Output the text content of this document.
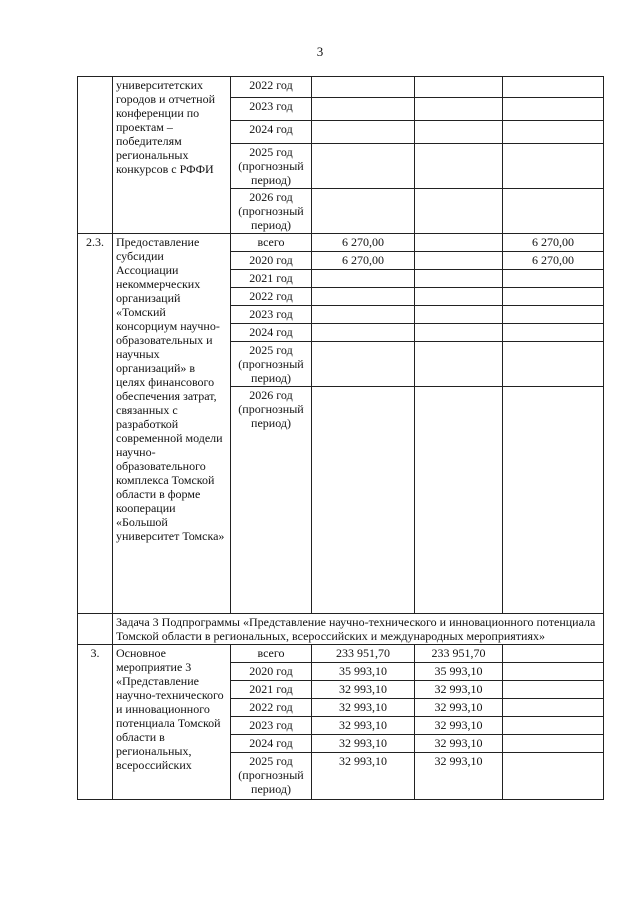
3
	университетских городов и отчетной конференции по проектам – победителям региональных конкурсов с РФФИ	2022 год			
		2023 год			
		2024 год			
		2025 год (прогнозный период)			
		2026 год (прогнозный период)			
2.3.	Предоставление субсидии Ассоциации некоммерческих организаций «Томский консорциум научно-образовательных и научных организаций» в целях финансового обеспечения затрат, связанных с разработкой современной модели научно-образовательного комплекса Томской области в форме кооперации «Большой университет Томска»	всего	6 270,00		6 270,00
		2020 год	6 270,00		6 270,00
		2021 год			
		2022 год			
		2023 год			
		2024 год			
		2025 год (прогнозный период)			
		2026 год (прогнозный период)			
	Задача 3 Подпрограммы «Представление научно-технического и инновационного потенциала Томской области в региональных, всероссийских и международных мероприятиях»				
3.	Основное мероприятие 3 «Представление научно-технического и инновационного потенциала Томской области в региональных, всероссийских	всего	233 951,70	233 951,70	
		2020 год	35 993,10	35 993,10	
		2021 год	32 993,10	32 993,10	
		2022 год	32 993,10	32 993,10	
		2023 год	32 993,10	32 993,10	
		2024 год	32 993,10	32 993,10	
		2025 год (прогнозный период)	32 993,10	32 993,10	
